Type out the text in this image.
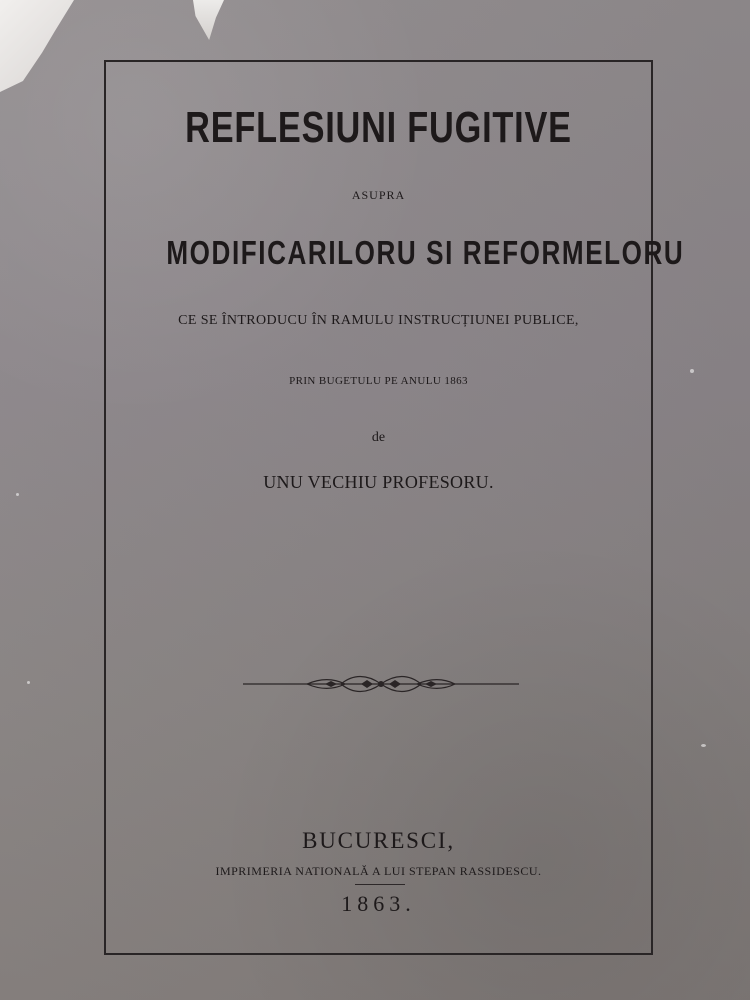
REFLESIUNI FUGITIVE
ASUPRA
MODIFICARILORU SI REFORMELORU
CE SE ÎNTRODUCU ÎN RAMULU INSTRUCȚIUNEI PUBLICE,
PRIN BUGETULU PE ANULU 1863
de
UNU VECHIU PROFESORU.
BUCURESCI,
IMPRIMERIA NATIONALĂ A LUI STEPAN RASSIDESCU.
1863.
